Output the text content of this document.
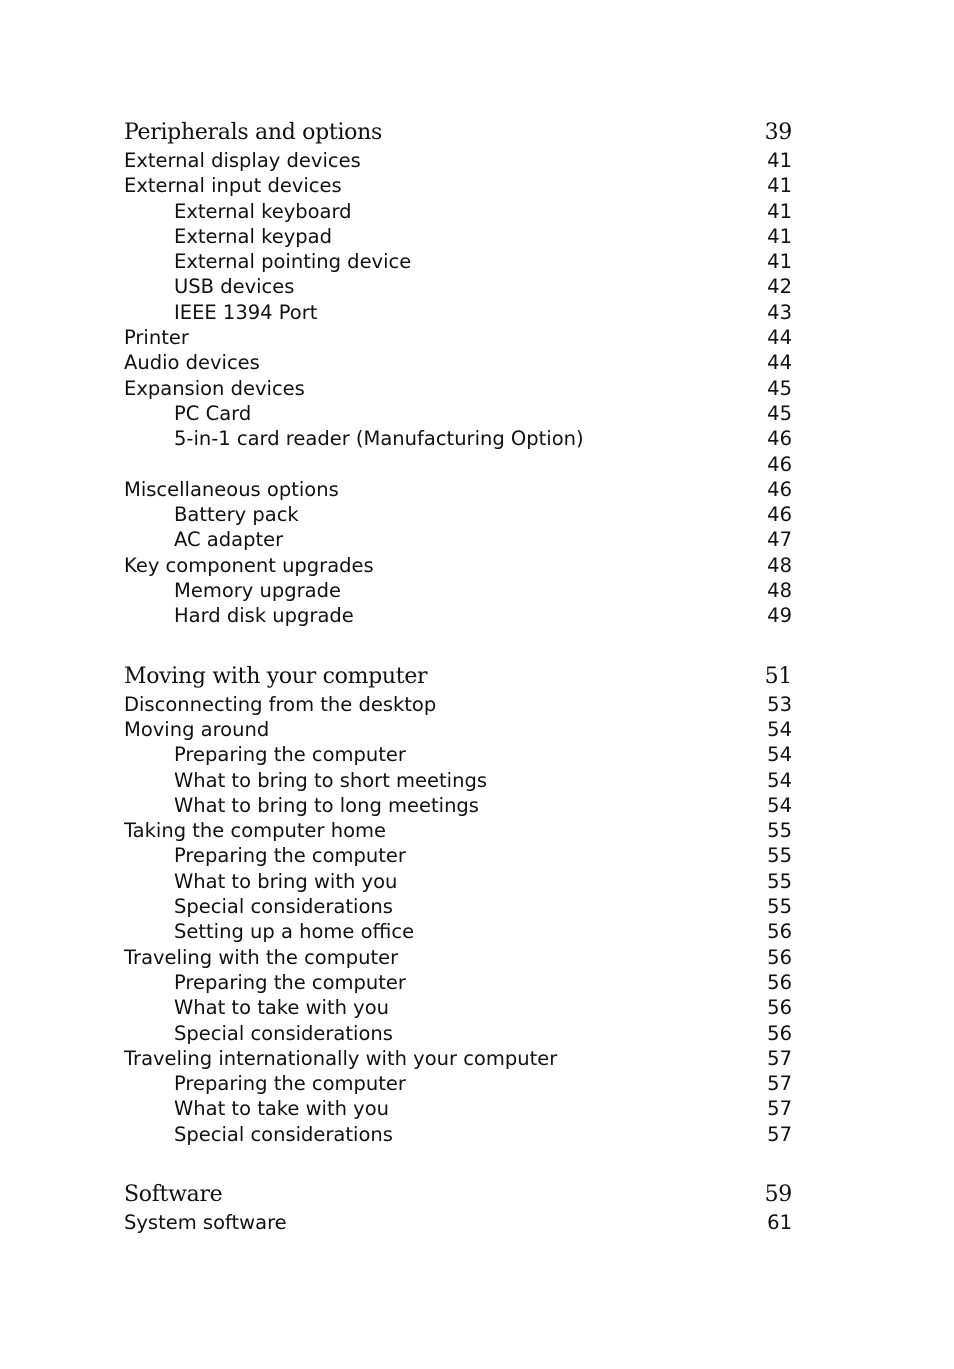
Peripherals and options	39
External display devices	41
External input devices	41
External keyboard	41
External keypad	41
External pointing device	41
USB devices	42
IEEE 1394 Port	43
Printer	44
Audio devices	44
Expansion devices	45
PC Card	45
5-in-1 card reader (Manufacturing Option)	46
46
Miscellaneous options	46
Battery pack	46
AC adapter	47
Key component upgrades	48
Memory upgrade	48
Hard disk upgrade	49
Moving with your computer	51
Disconnecting from the desktop	53
Moving around	54
Preparing the computer	54
What to bring to short meetings	54
What to bring to long meetings	54
Taking the computer home	55
Preparing the computer	55
What to bring with you	55
Special considerations	55
Setting up a home office	56
Traveling with the computer	56
Preparing the computer	56
What to take with you	56
Special considerations	56
Traveling internationally with your computer	57
Preparing the computer	57
What to take with you	57
Special considerations	57
Software	59
System software	61
